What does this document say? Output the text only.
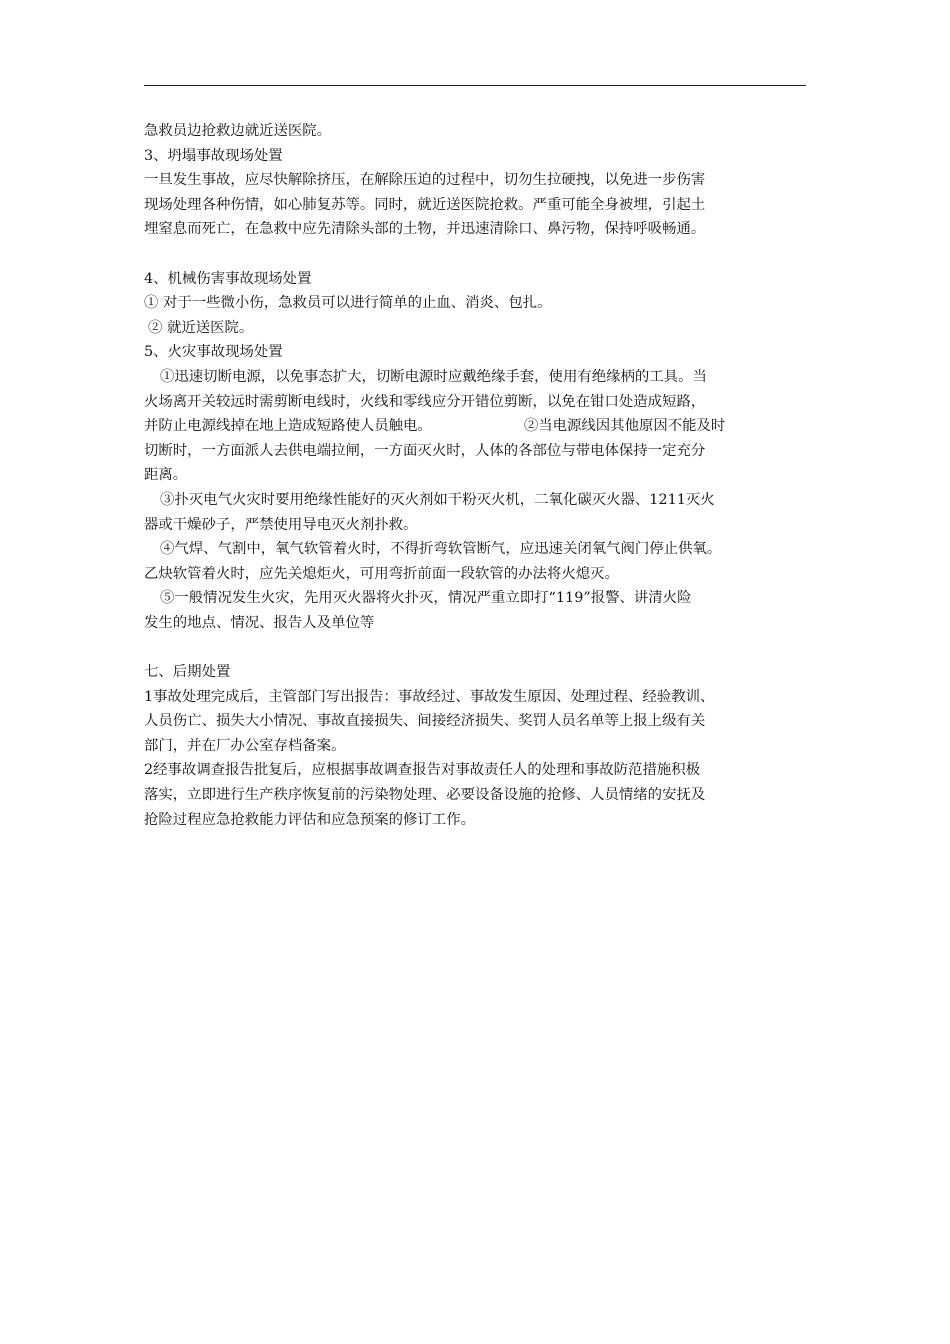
急救员边抢救边就近送医院。
3、坍塌事故现场处置
一旦发生事故，应尽快解除挤压，在解除压迫的过程中，切勿生拉硬拽，以免进一步伤害
现场处理各种伤情，如心肺复苏等。同时，就近送医院抢救。严重可能全身被埋，引起土
埋窒息而死亡，在急救中应先清除头部的土物，并迅速清除口、鼻污物，保持呼吸畅通。
4、机械伤害事故现场处置
① 对于一些微小伤，急救员可以进行简单的止血、消炎、包扎。
② 就近送医院。
5、火灾事故现场处置
①迅速切断电源，以免事态扩大，切断电源时应戴绝缘手套，使用有绝缘柄的工具。当
火场离开关较远时需剪断电线时，火线和零线应分开错位剪断，以免在钳口处造成短路，
并防止电源线掉在地上造成短路使人员触电。	②当电源线因其他原因不能及时
切断时，一方面派人去供电端拉闸，一方面灭火时，人体的各部位与带电体保持一定充分
距离。
③扑灭电气火灾时要用绝缘性能好的灭火剂如干粉灭火机，二氧化碳灭火器、1211灭火
器或干燥砂子，严禁使用导电灭火剂扑救。
④气焊、气割中，氧气软管着火时，不得折弯软管断气，应迅速关闭氧气阀门停止供氧。
乙炔软管着火时，应先关熄炬火，可用弯折前面一段软管的办法将火熄灭。
⑤一般情况发生火灾，先用灭火器将火扑灭，情况严重立即打“119”报警、讲清火险
发生的地点、情况、报告人及单位等
七、后期处置
1事故处理完成后，主管部门写出报告：事故经过、事故发生原因、处理过程、经验教训、
人员伤亡、损失大小情况、事故直接损失、间接经济损失、奖罚人员名单等上报上级有关
部门，并在厂办公室存档备案。
2经事故调查报告批复后，应根据事故调查报告对事故责任人的处理和事故防范措施积极
落实，立即进行生产秩序恢复前的污染物处理、必要设备设施的抢修、人员情绪的安抚及
抢险过程应急抢救能力评估和应急预案的修订工作。
